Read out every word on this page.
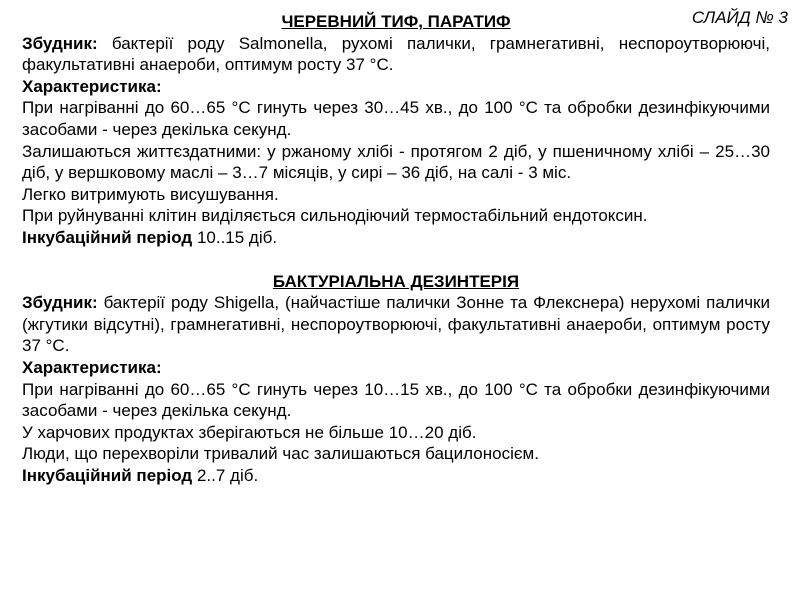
СЛАЙД № 3
ЧЕРЕВНИЙ ТИФ, ПАРАТИФ
Збудник: бактерії роду Salmonella, рухомі палички, грамнегативні, неспороутворюючі, факультативні анаероби, оптимум росту 37 °С.
Характеристика:
При нагріванні до 60…65 °С гинуть через 30…45 хв., до 100 °С та обробки дезинфікуючими засобами - через декілька секунд.
Залишаються життєздатними: у ржаному хлібі - протягом 2 діб, у пшеничному хлібі – 25…30 діб, у вершковому маслі – 3…7 місяців, у сирі – 36 діб, на салі - 3 міс.
Легко витримують висушування.
При руйнуванні клітин виділяється сильнодіючий термостабільний ендотоксин.
Інкубаційний період 10..15 діб.
БАКТУРІАЛЬНА ДЕЗИНТЕРІЯ
Збудник: бактерії роду Shigella, (найчастіше палички Зонне та Флекснера) нерухомі палички (жгутики відсутні), грамнегативні, неспороутворюючі, факультативні анаероби, оптимум росту 37 °С.
Характеристика:
При нагріванні до 60…65 °С гинуть через 10…15 хв., до 100 °С та обробки дезинфікуючими засобами - через декілька секунд.
У харчових продуктах зберігаються не більше 10…20 діб.
Люди, що перехворіли тривалий час залишаються бацилоносієм.
Інкубаційний період 2..7 діб.
